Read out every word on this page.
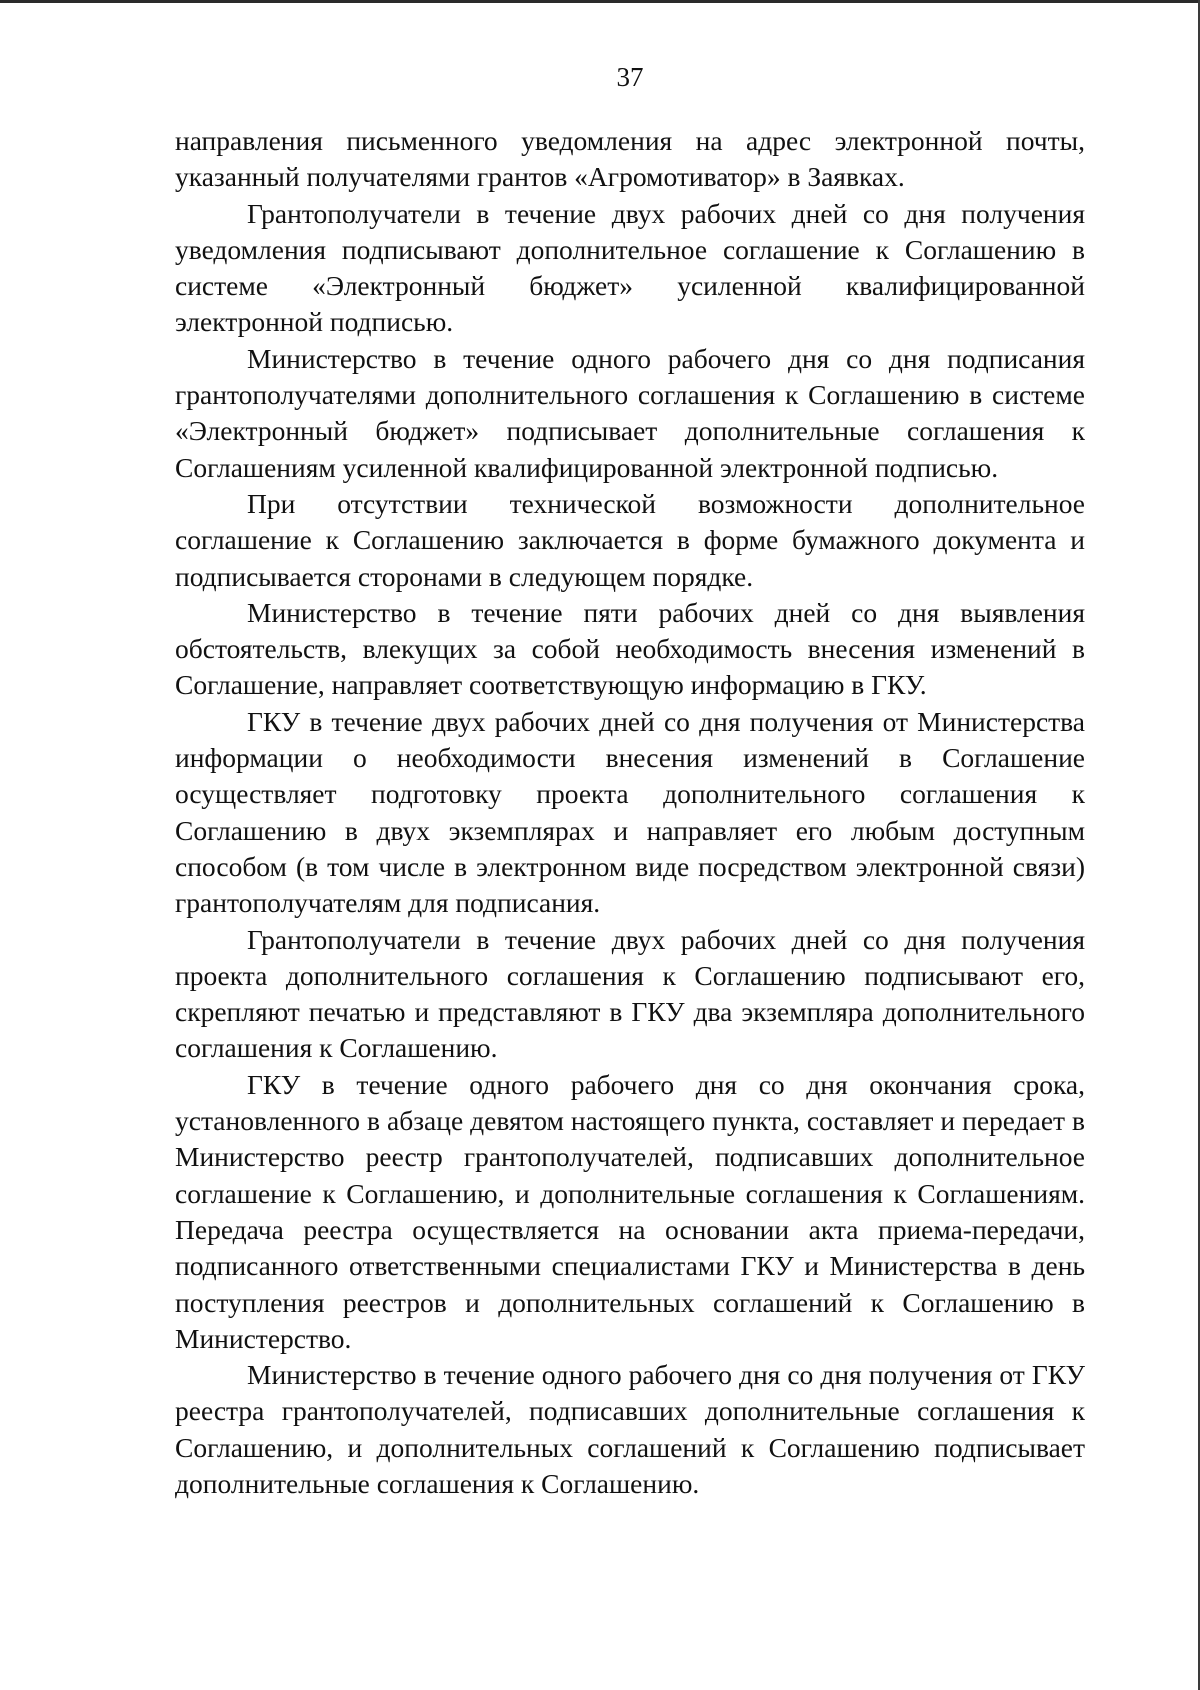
37

направления письменного уведомления на адрес электронной почты, указанный получателями грантов «Агромотиватор» в Заявках.

Грантополучатели в течение двух рабочих дней со дня получения уведомления подписывают дополнительное соглашение к Соглашению в системе «Электронный бюджет» усиленной квалифицированной электронной подписью.

Министерство в течение одного рабочего дня со дня подписания грантополучателями дополнительного соглашения к Соглашению в системе «Электронный бюджет» подписывает дополнительные соглашения к Соглашениям усиленной квалифицированной электронной подписью.

При отсутствии технической возможности дополнительное соглашение к Соглашению заключается в форме бумажного документа и подписывается сторонами в следующем порядке.

Министерство в течение пяти рабочих дней со дня выявления обстоятельств, влекущих за собой необходимость внесения изменений в Соглашение, направляет соответствующую информацию в ГКУ.

ГКУ в течение двух рабочих дней со дня получения от Министерства информации о необходимости внесения изменений в Соглашение осуществляет подготовку проекта дополнительного соглашения к Соглашению в двух экземплярах и направляет его любым доступным способом (в том числе в электронном виде посредством электронной связи) грантополучателям для подписания.

Грантополучатели в течение двух рабочих дней со дня получения проекта дополнительного соглашения к Соглашению подписывают его, скрепляют печатью и представляют в ГКУ два экземпляра дополнительного соглашения к Соглашению.

ГКУ в течение одного рабочего дня со дня окончания срока, установленного в абзаце девятом настоящего пункта, составляет и передает в Министерство реестр грантополучателей, подписавших дополнительное соглашение к Соглашению, и дополнительные соглашения к Соглашениям. Передача реестра осуществляется на основании акта приема-передачи, подписанного ответственными специалистами ГКУ и Министерства в день поступления реестров и дополнительных соглашений к Соглашению в Министерство.

Министерство в течение одного рабочего дня со дня получения от ГКУ реестра грантополучателей, подписавших дополнительные соглашения к Соглашению, и дополнительных соглашений к Соглашению подписывает дополнительные соглашения к Соглашению.
